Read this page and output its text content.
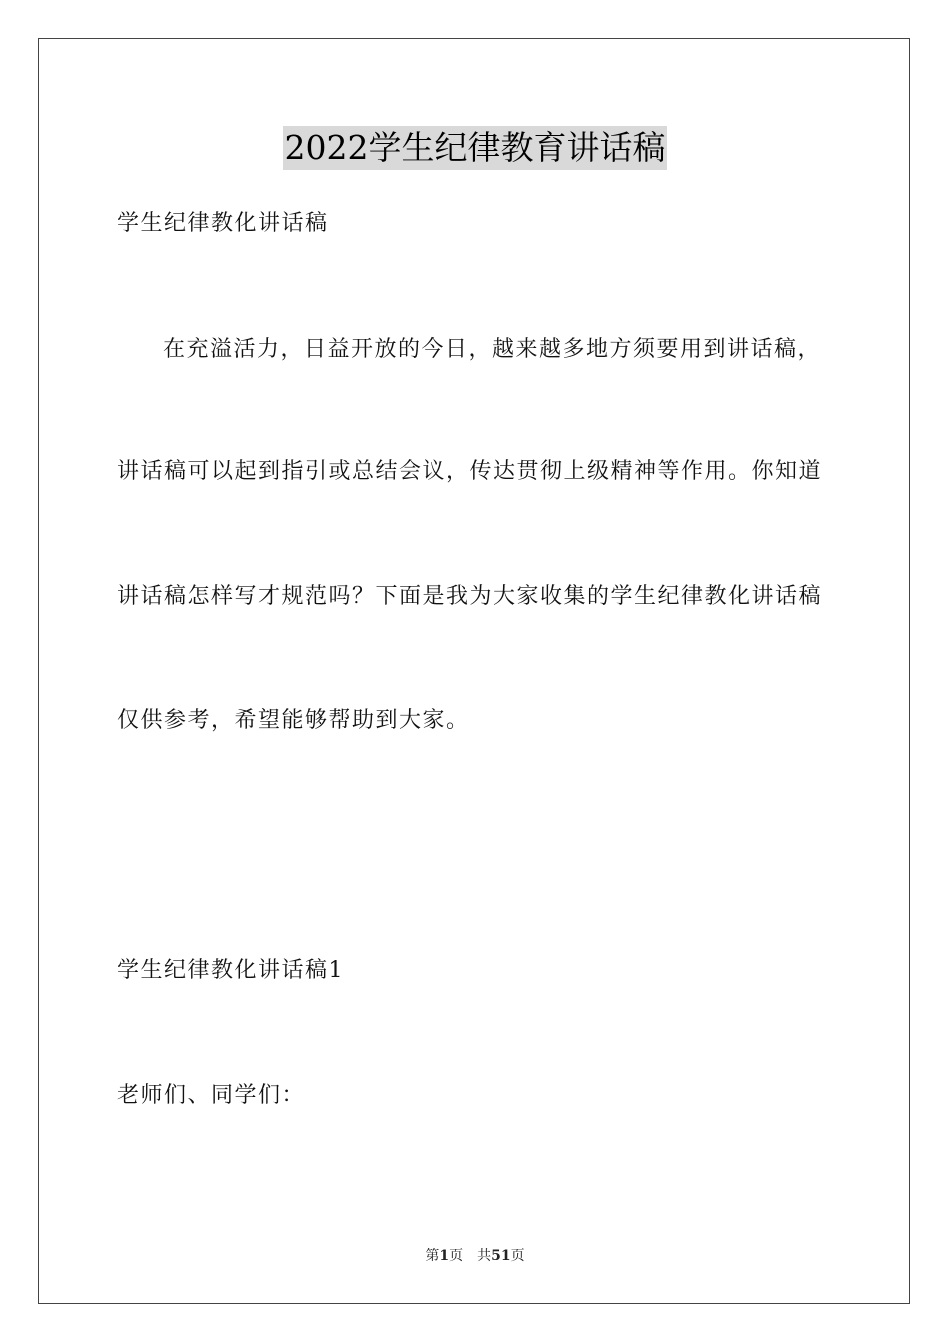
2022学生纪律教育讲话稿
学生纪律教化讲话稿
在充溢活力，日益开放的今日，越来越多地方须要用到讲话稿，
讲话稿可以起到指引或总结会议，传达贯彻上级精神等作用。你知道
讲话稿怎样写才规范吗？下面是我为大家收集的学生纪律教化讲话稿
仅供参考，希望能够帮助到大家。
学生纪律教化讲话稿1
老师们、同学们：
第1页　共51页
